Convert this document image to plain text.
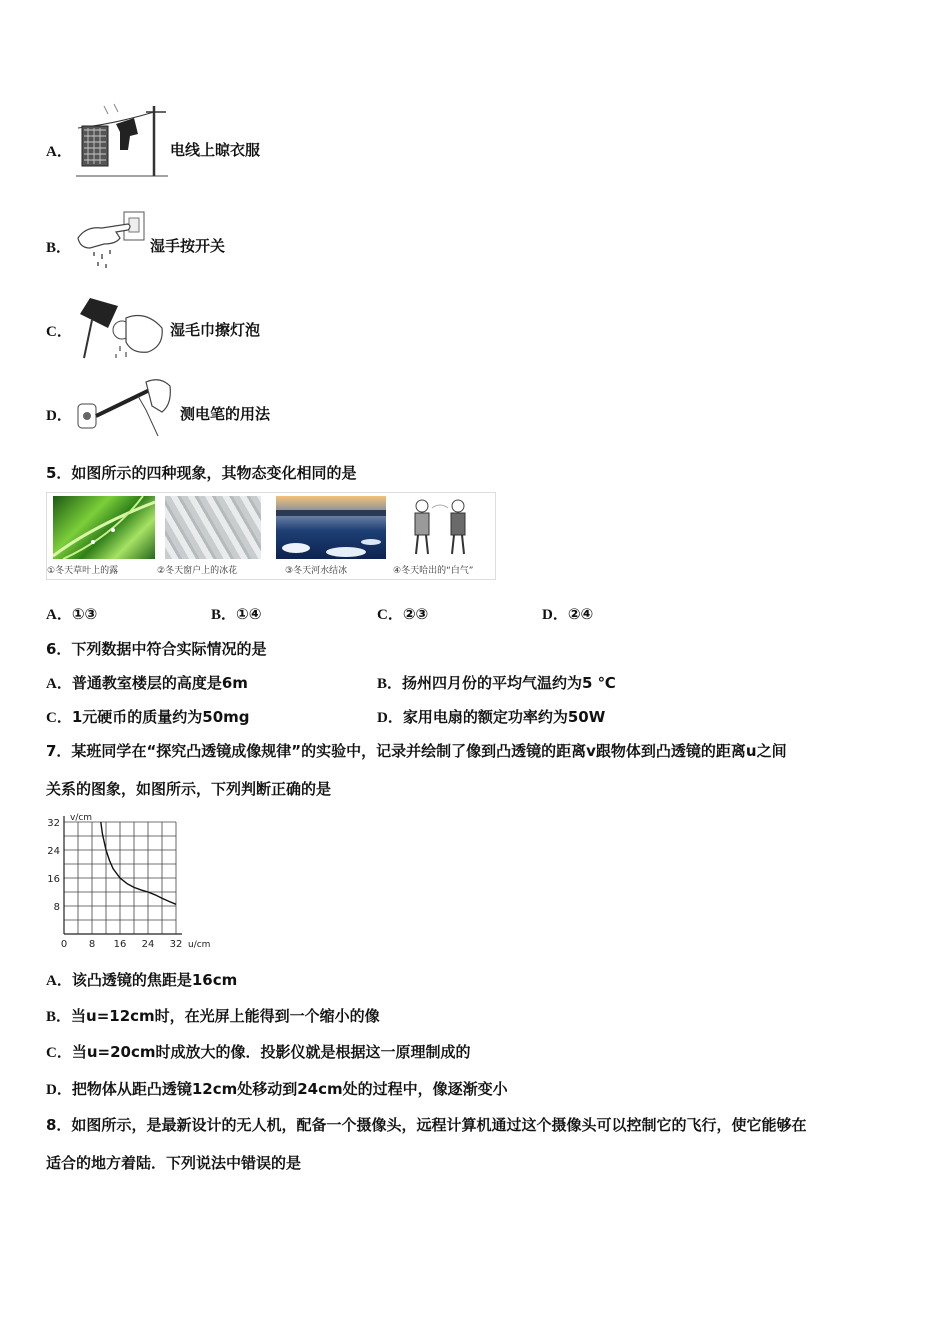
A．	电线上晾衣服
B．	湿手按开关
C．	湿毛巾擦灯泡
D．	测电笔的用法
5．如图所示的四种现象，其物态变化相同的是
①冬天草叶上的露	②冬天窗户上的冰花	③冬天河水结冰	④冬天哈出的“白气”
A．①③	B．①④	C．②③	D．②④
6．下列数据中符合实际情况的是
A．普通教室楼层的高度是6m	B．扬州四月份的平均气温约为5 ℃
C．1元硬币的质量约为50mg	D．家用电扇的额定功率约为50W
7．某班同学在“探究凸透镜成像规律”的实验中，记录并绘制了像到凸透镜的距离v跟物体到凸透镜的距离u之间
关系的图象，如图所示，下列判断正确的是
0 8 16 24 32
8
16
24
32
u/cm
v/cm
A．该凸透镜的焦距是16cm
B．当u=12cm时，在光屏上能得到一个缩小的像
C．当u=20cm时成放大的像．投影仪就是根据这一原理制成的
D．把物体从距凸透镜12cm处移动到24cm处的过程中，像逐渐变小
8．如图所示，是最新设计的无人机，配备一个摄像头，远程计算机通过这个摄像头可以控制它的飞行，使它能够在
适合的地方着陆．下列说法中错误的是
